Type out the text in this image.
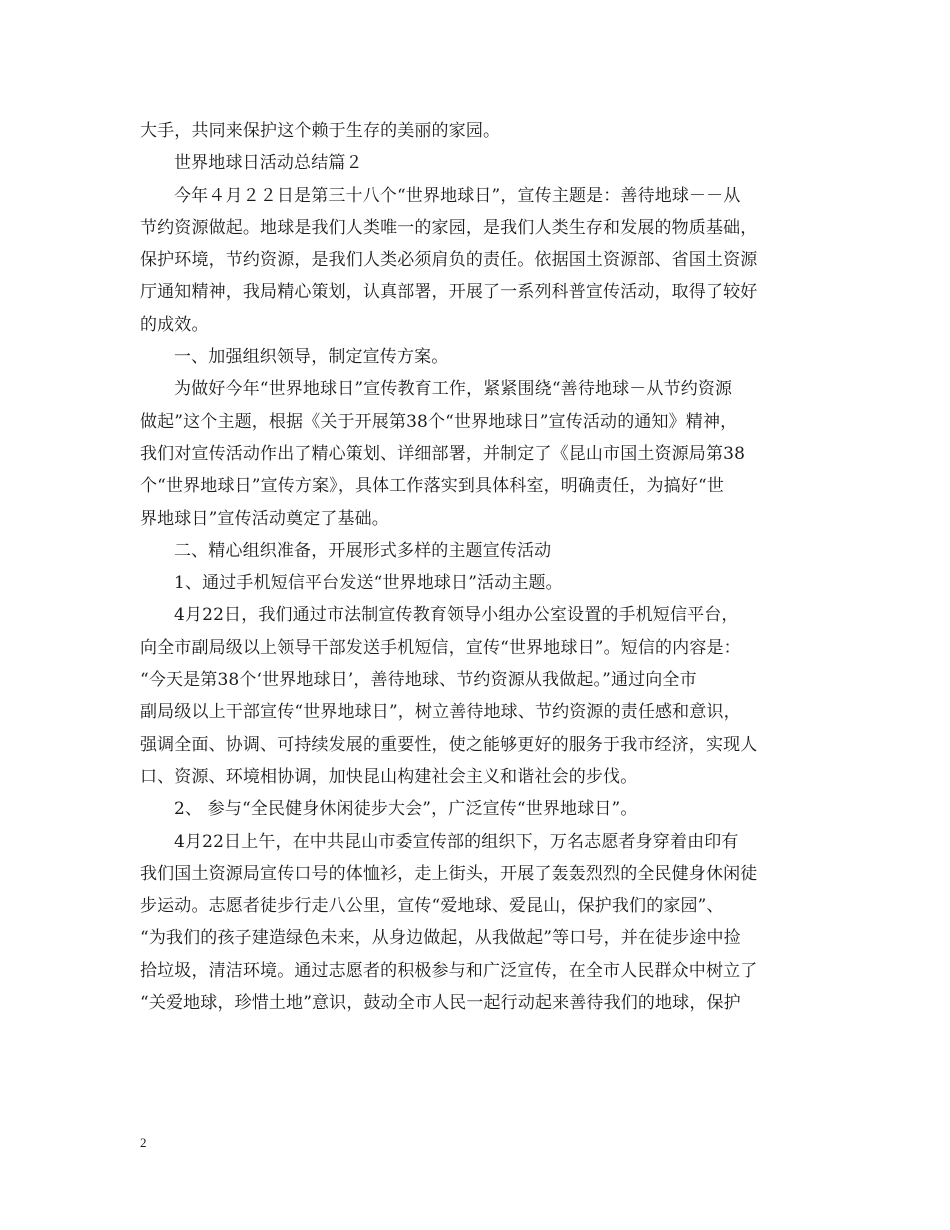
大手，共同来保护这个赖于生存的美丽的家园。
世界地球日活动总结篇２
今年４月２２日是第三十八个“世界地球日”，宣传主题是：善待地球－－从
节约资源做起。地球是我们人类唯一的家园，是我们人类生存和发展的物质基础，
保护环境，节约资源，是我们人类必须肩负的责任。依据国土资源部、省国土资源
厅通知精神，我局精心策划，认真部署，开展了一系列科普宣传活动，取得了较好
的成效。
一、加强组织领导，制定宣传方案。
为做好今年“世界地球日”宣传教育工作，紧紧围绕“善待地球－从节约资源
做起”这个主题，根据《关于开展第38个“世界地球日”宣传活动的通知》精神，
我们对宣传活动作出了精心策划、详细部署，并制定了《昆山市国土资源局第38
个“世界地球日”宣传方案》，具体工作落实到具体科室，明确责任，为搞好“世
界地球日”宣传活动奠定了基础。
二、精心组织准备，开展形式多样的主题宣传活动
1、通过手机短信平台发送“世界地球日”活动主题。
4月22日，我们通过市法制宣传教育领导小组办公室设置的手机短信平台，
向全市副局级以上领导干部发送手机短信，宣传“世界地球日”。短信的内容是：
“今天是第38个‘世界地球日’，善待地球、节约资源从我做起。”通过向全市
副局级以上干部宣传“世界地球日”，树立善待地球、节约资源的责任感和意识，
强调全面、协调、可持续发展的重要性，使之能够更好的服务于我市经济，实现人
口、资源、环境相协调，加快昆山构建社会主义和谐社会的步伐。
2、 参与“全民健身休闲徒步大会”，广泛宣传“世界地球日”。
4月22日上午，在中共昆山市委宣传部的组织下，万名志愿者身穿着由印有
我们国土资源局宣传口号的体恤衫，走上街头，开展了轰轰烈烈的全民健身休闲徒
步运动。志愿者徒步行走八公里，宣传“爱地球、爱昆山，保护我们的家园”、
“为我们的孩子建造绿色未来，从身边做起，从我做起”等口号，并在徒步途中捡
拾垃圾，清洁环境。通过志愿者的积极参与和广泛宣传，在全市人民群众中树立了
“关爱地球，珍惜土地”意识，鼓动全市人民一起行动起来善待我们的地球，保护
2
